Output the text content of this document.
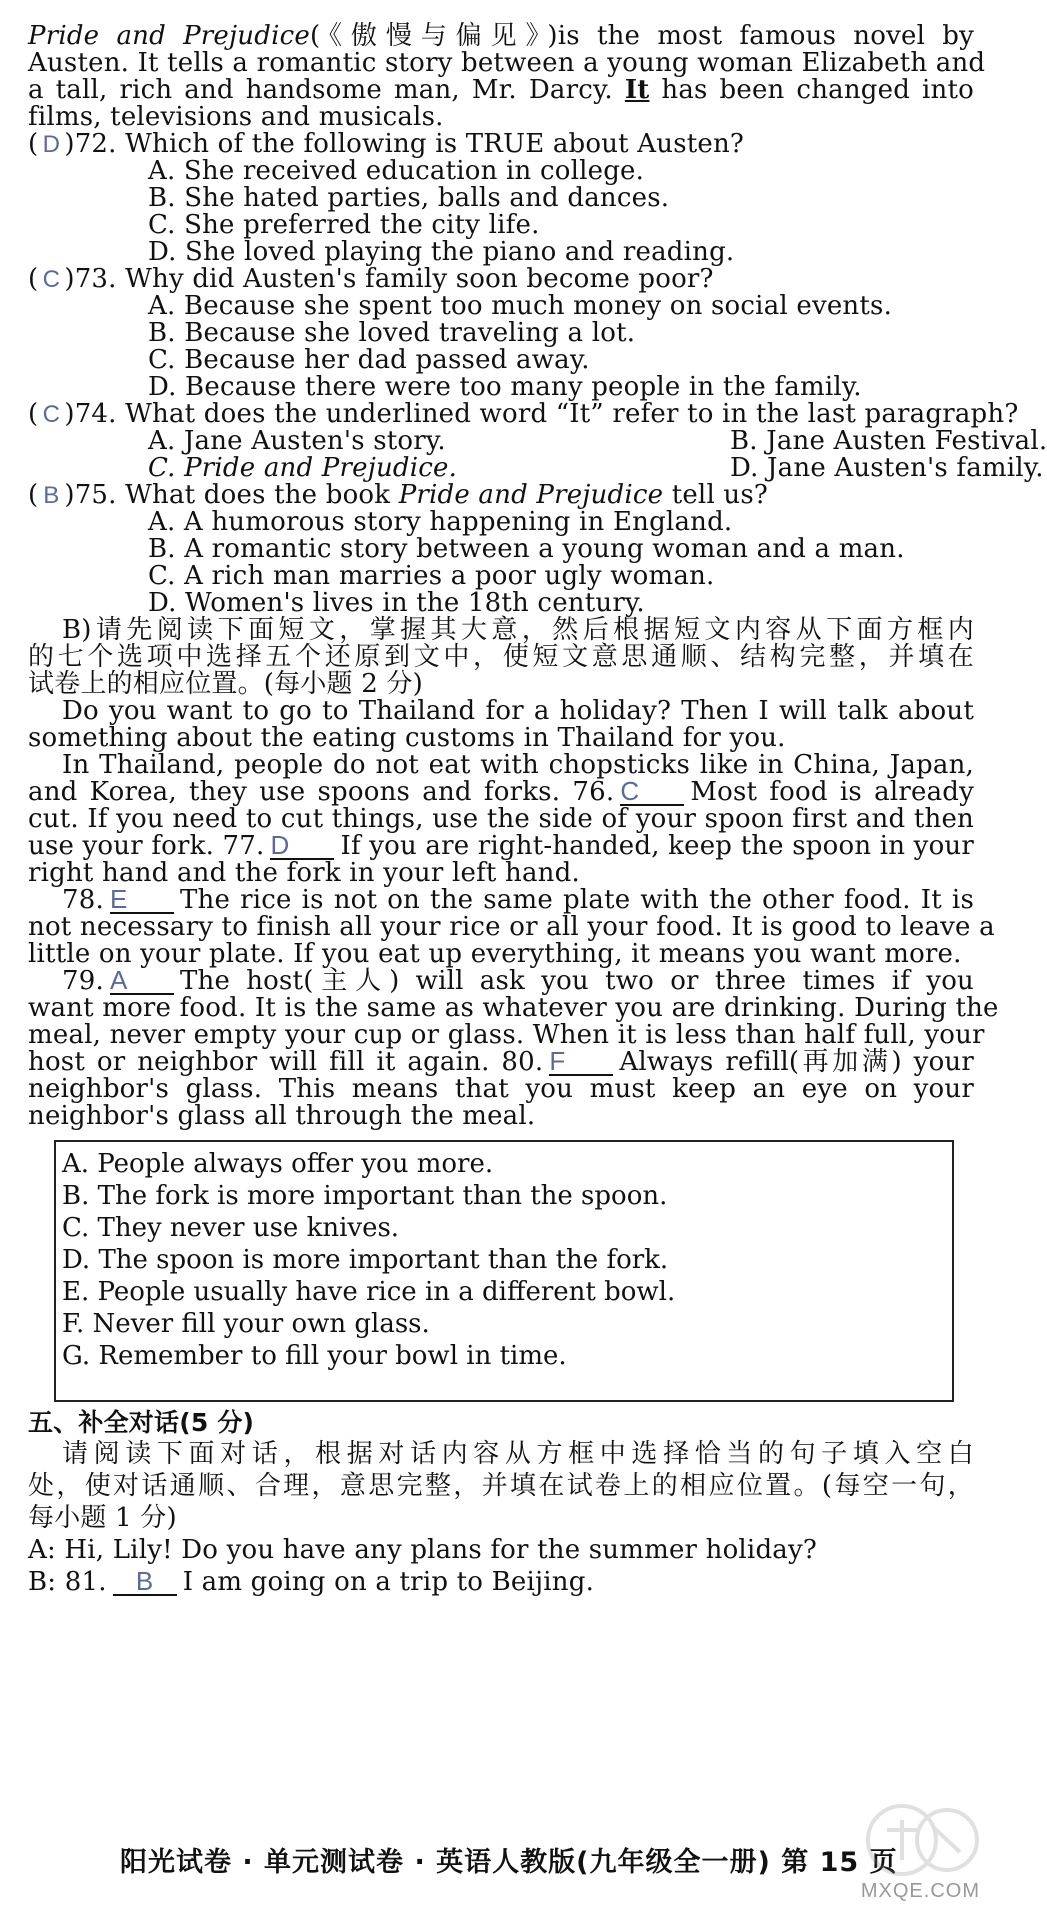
Pride and Prejudice(《傲慢与偏见》)is the most famous novel by
Austen. It tells a romantic story between a young woman Elizabeth and
a tall, rich and handsome man, Mr. Darcy. It has been changed into
films, televisions and musicals.
( D )72. Which of the following is TRUE about Austen?
A. She received education in college.
B. She hated parties, balls and dances.
C. She preferred the city life.
D. She loved playing the piano and reading.
( C )73. Why did Austen's family soon become poor?
A. Because she spent too much money on social events.
B. Because she loved traveling a lot.
C. Because her dad passed away.
D. Because there were too many people in the family.
( C )74. What does the underlined word “It” refer to in the last paragraph?
A. Jane Austen's story.	B. Jane Austen Festival.
C. Pride and Prejudice.	D. Jane Austen's family.
( B )75. What does the book Pride and Prejudice tell us?
A. A humorous story happening in England.
B. A romantic story between a young woman and a man.
C. A rich man marries a poor ugly woman.
D. Women's lives in the 18th century.
B)请先阅读下面短文，掌握其大意，然后根据短文内容从下面方框内
的七个选项中选择五个还原到文中，使短文意思通顺、结构完整，并填在
试卷上的相应位置。(每小题 2 分)
Do you want to go to Thailand for a holiday? Then I will talk about
something about the eating customs in Thailand for you.
In Thailand, people do not eat with chopsticks like in China, Japan,
and Korea, they use spoons and forks. 76. C Most food is already
cut. If you need to cut things, use the side of your spoon first and then
use your fork. 77. D If you are right-handed, keep the spoon in your
right hand and the fork in your left hand.
78. E The rice is not on the same plate with the other food. It is
not necessary to finish all your rice or all your food. It is good to leave a
little on your plate. If you eat up everything, it means you want more.
79. A The host(主人) will ask you two or three times if you
want more food. It is the same as whatever you are drinking. During the
meal, never empty your cup or glass. When it is less than half full, your
host or neighbor will fill it again. 80. F Always refill(再加满) your
neighbor's glass. This means that you must keep an eye on your
neighbor's glass all through the meal.
A. People always offer you more.
B. The fork is more important than the spoon.
C. They never use knives.
D. The spoon is more important than the fork.
E. People usually have rice in a different bowl.
F. Never fill your own glass.
G. Remember to fill your bowl in time.
五、补全对话(5 分)
请阅读下面对话，根据对话内容从方框中选择恰当的句子填入空白
处，使对话通顺、合理，意思完整，并填在试卷上的相应位置。(每空一句，
每小题 1 分)
A: Hi, Lily! Do you have any plans for the summer holiday?
B: 81. B I am going on a trip to Beijing.
阳光试卷 · 单元测试卷 · 英语人教版(九年级全一册) 第 15 页
MXQE.COM
